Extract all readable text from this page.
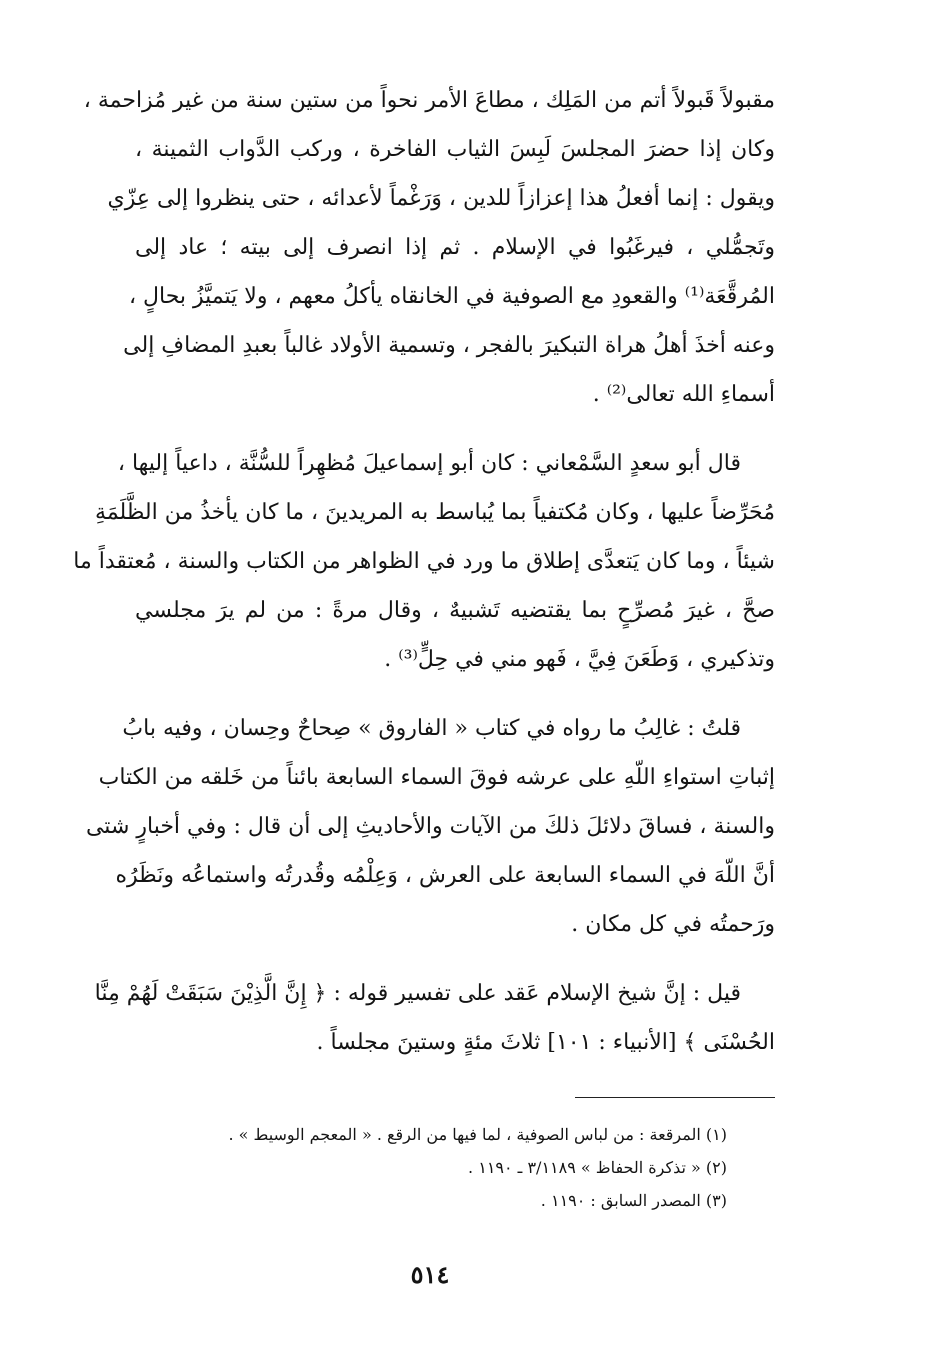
مقبولاً قَبولاً أتم من المَلِك ، مطاعَ الأمر نحواً من ستين سنة من غير مُزاحمة ،
وكان إذا حضرَ المجلسَ لَبِسَ الثياب الفاخرة ، وركب الدَّواب الثمينة ،
ويقول : إنما أفعلُ هذا إعزازاً للدين ، وَرَغْماً لأعدائه ، حتى ينظروا إلى عِزّي
وتَجمُّلي ، فيرغَبُوا في الإسلام . ثم إذا انصرف إلى بيته ؛ عاد إلى
المُرقَّعَة⁽¹⁾ والقعودِ مع الصوفية في الخانقاه يأكلُ معهم ، ولا يَتميَّزُ بحالٍ ،
وعنه أخذَ أهلُ هراة التبكيرَ بالفجر ، وتسمية الأولاد غالباً بعبدِ المضافِ إلى
أسماءِ الله تعالى⁽²⁾ .
قال أبو سعدٍ السَّمْعاني : كان أبو إسماعيلَ مُظهِراً للسُّنَّة ، داعياً إليها ،
مُحَرِّضاً عليها ، وكان مُكتفياً بما يُباسط به المريدينَ ، ما كان يأخذُ من الظَّلَمَةِ
شيئاً ، وما كان يَتعدَّى إطلاق ما ورد في الظواهر من الكتاب والسنة ، مُعتقداً ما
صحَّ ، غيرَ مُصرِّحٍ بما يقتضيه تَشبيهٌ ، وقال مرةً : من لم يرَ مجلسي
وتذكيري ، وَطَعَنَ فِيَّ ، فَهو مني في حِلٍّ⁽³⁾ .
قلتُ : غالِبُ ما رواه في كتاب « الفاروق » صِحاحٌ وحِسان ، وفيه بابُ
إثباتِ استواءِ اللّهِ على عرشه فوقَ السماء السابعة بائناً من خَلقه من الكتاب
والسنة ، فساقَ دلائلَ ذلكَ من الآيات والأحاديثِ إلى أن قال : وفي أخبارٍ شتى
أنَّ اللّهَ في السماء السابعة على العرش ، وَعِلْمُه وقُدرتُه واستماعُه ونَظَرُه
ورَحمتُه في كل مكان .
قيل : إنَّ شيخ الإسلام عَقد على تفسير قوله : ﴿ إِنَّ الَّذِيْنَ سَبَقَتْ لَهُمْ مِنَّا
الحُسْنَى ﴾ [الأنبياء : ١٠١] ثلاثَ مئةٍ وستينَ مجلساً .
(١) المرقعة : من لباس الصوفية ، لما فيها من الرقع . « المعجم الوسيط » .
(٢) « تذكرة الحفاظ » ٣/١١٨٩ ـ ١١٩٠ .
(٣) المصدر السابق : ١١٩٠ .
٥١٤
